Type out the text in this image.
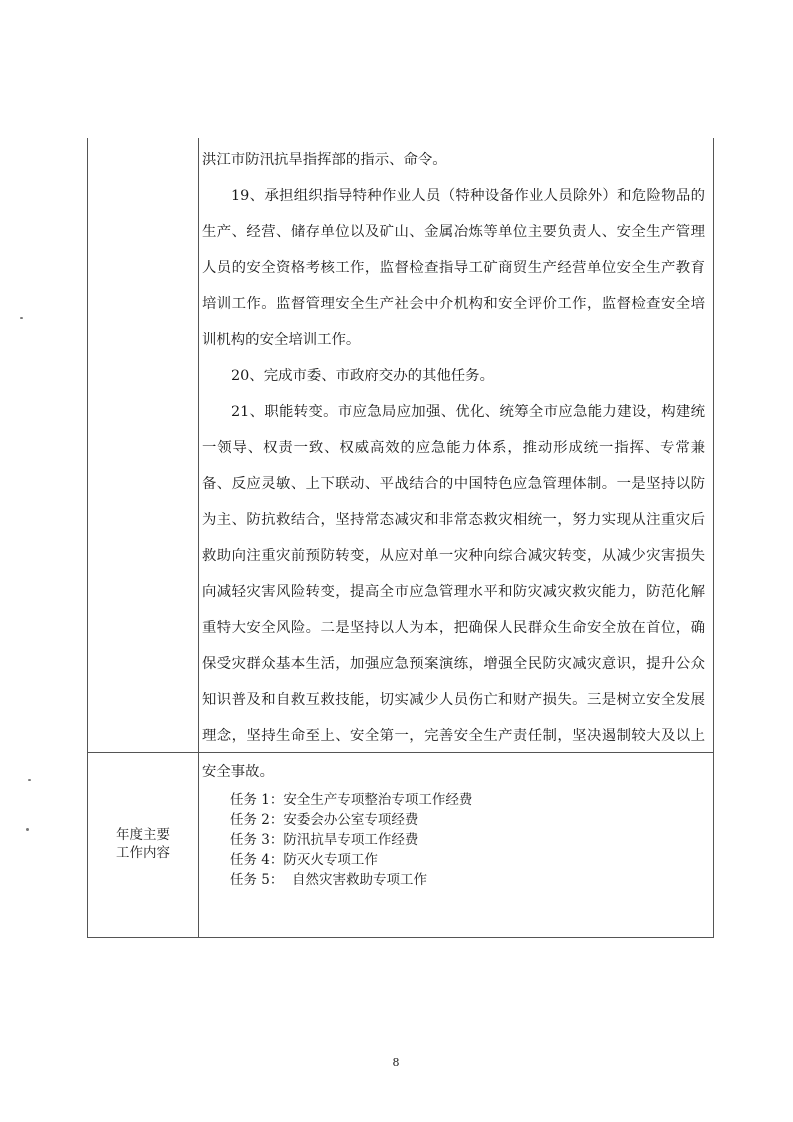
洪江市防汛抗旱指挥部的指示、命令。

19、承担组织指导特种作业人员（特种设备作业人员除外）和危险物品的生产、经营、储存单位以及矿山、金属冶炼等单位主要负责人、安全生产管理人员的安全资格考核工作，监督检查指导工矿商贸生产经营单位安全生产教育培训工作。监督管理安全生产社会中介机构和安全评价工作，监督检查安全培训机构的安全培训工作。

20、完成市委、市政府交办的其他任务。

21、职能转变。市应急局应加强、优化、统筹全市应急能力建设，构建统一领导、权责一致、权威高效的应急能力体系，推动形成统一指挥、专常兼备、反应灵敏、上下联动、平战结合的中国特色应急管理体制。一是坚持以防为主、防抗救结合，坚持常态减灾和非常态救灾相统一，努力实现从注重灾后救助向注重灾前预防转变，从应对单一灾种向综合减灾转变，从减少灾害损失向减轻灾害风险转变，提高全市应急管理水平和防灾减灾救灾能力，防范化解重特大安全风险。二是坚持以人为本，把确保人民群众生命安全放在首位，确保受灾群众基本生活，加强应急预案演练，增强全民防灾减灾意识，提升公众知识普及和自救互救技能，切实减少人员伤亡和财产损失。三是树立安全发展理念，坚持生命至上、安全第一，完善安全生产责任制，坚决遏制较大及以上安全事故。

年度主要
工作内容
任务 1：安全生产专项整治专项工作经费
任务 2：安委会办公室专项经费
任务 3：防汛抗旱专项工作经费
任务 4：防灭火专项工作
任务 5：  自然灾害救助专项工作
8
